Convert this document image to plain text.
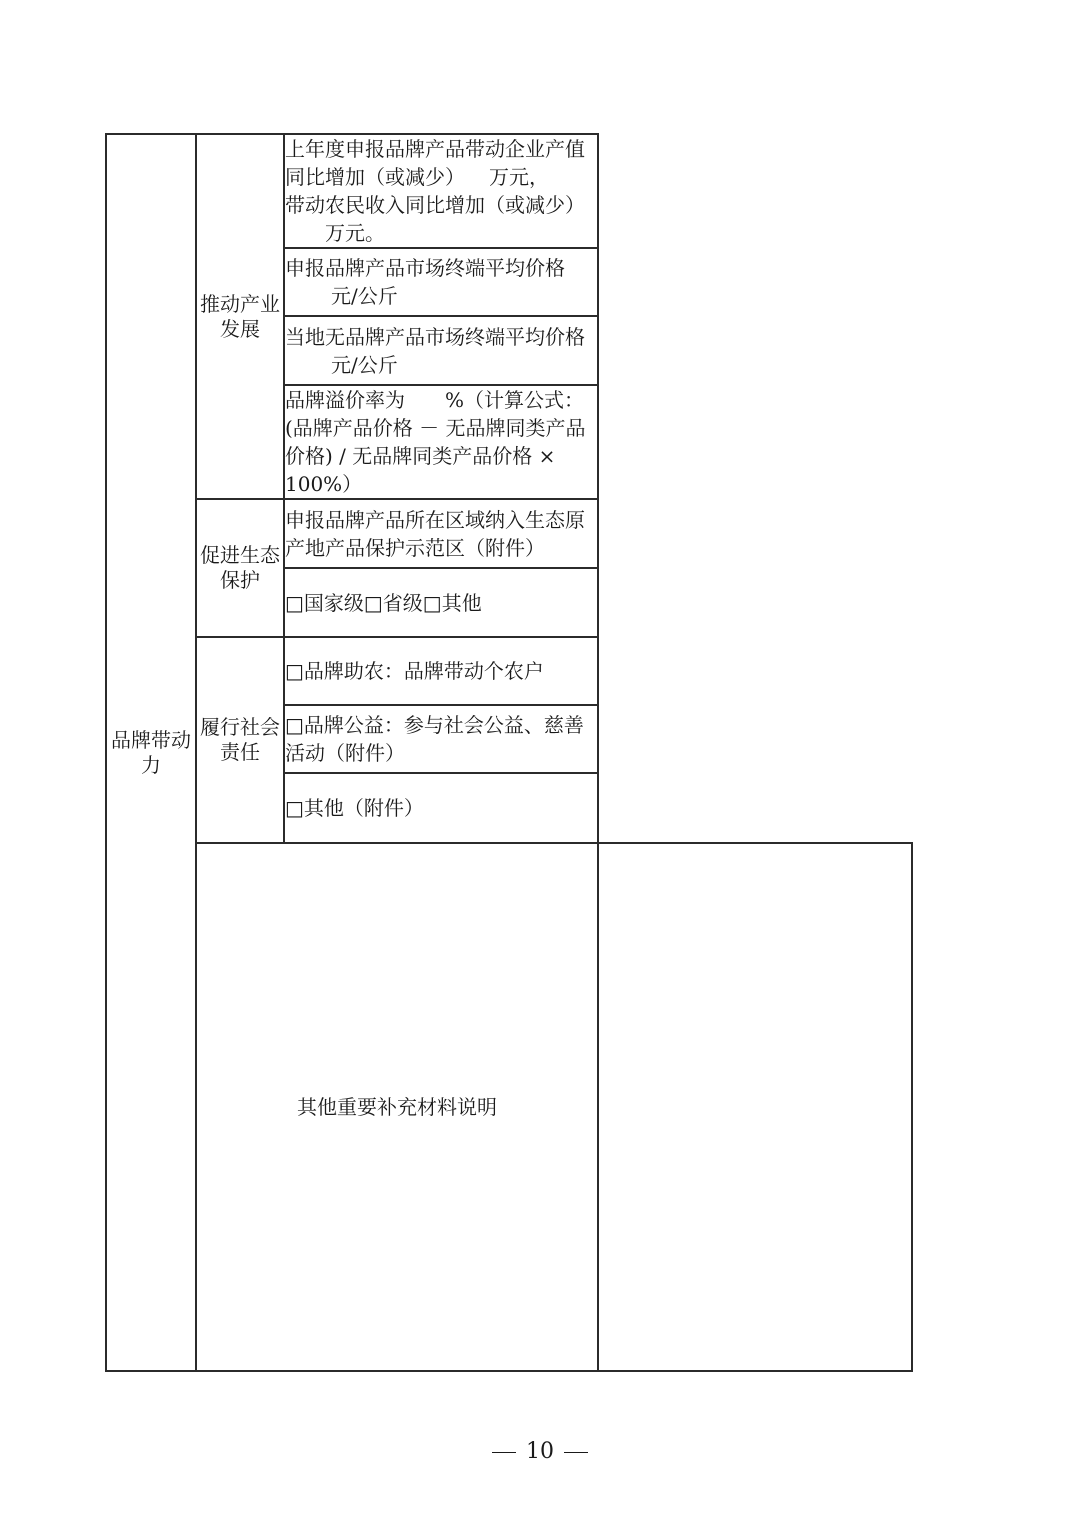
品牌带动力	推动产业发展	上年度申报品牌产品带动企业产值同比增加（或减少） 万元，
带动农民收入同比增加（或减少）万元。	

		申报品牌产品市场终端平均价格元/公斤	
		当地无品牌产品市场终端平均价格元/公斤	
		品牌溢价率为 %（计算公式：(品牌产品价格 － 无品牌同类产品价格) / 无品牌同类产品价格 × 100%）	
	促进生态保护	申报品牌产品所在区域纳入生态原产地产品保护示范区（附件）	
		□国家级□省级□其他	
	履行社会责任	□品牌助农：品牌带动个农户	
		□品牌公益：参与社会公益、慈善活动（附件）	
		□其他（附件）	
	其他重要补充材料说明		
10
